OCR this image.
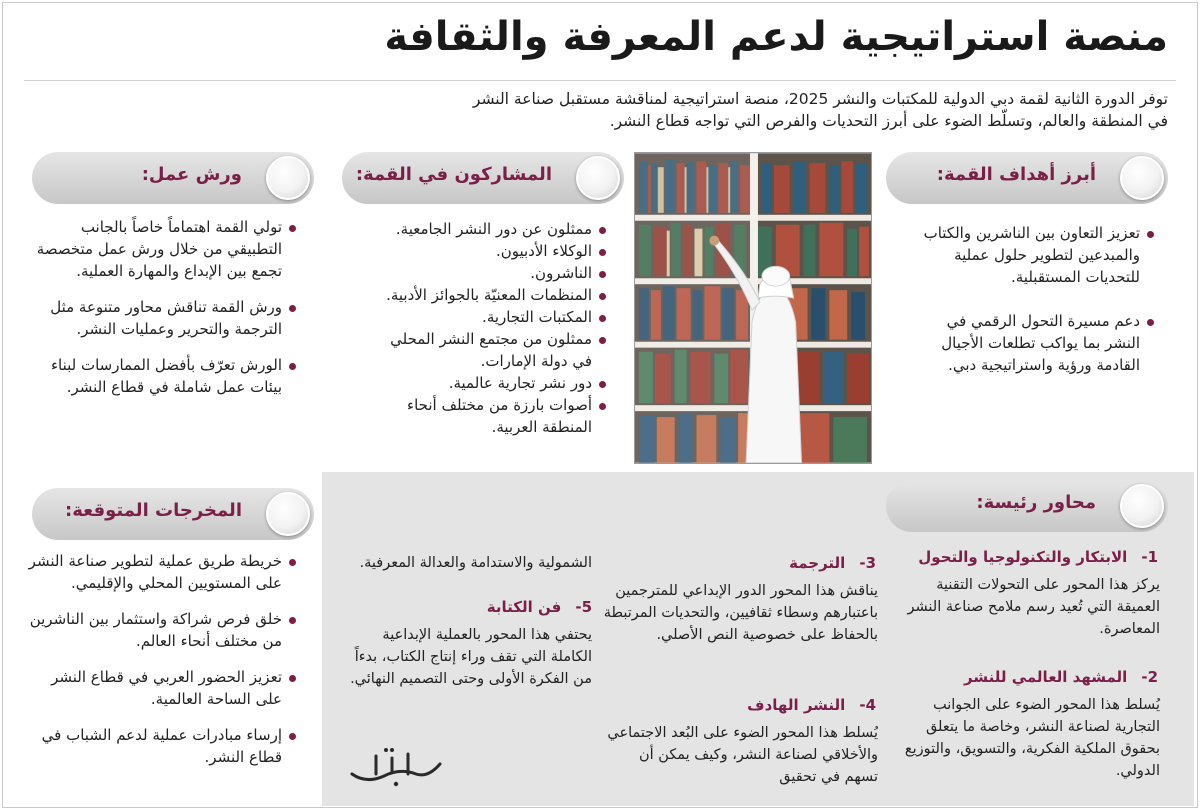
منصة استراتيجية لدعم المعرفة والثقافة

توفر الدورة الثانية لقمة دبي الدولية للمكتبات والنشر 2025، منصة استراتيجية لمناقشة مستقبل صناعة النشر في المنطقة والعالم، وتسلّط الضوء على أبرز التحديات والفرص التي تواجه قطاع النشر.

أبرز أهداف القمة:
تعزيز التعاون بين الناشرين والكتاب والمبدعين لتطوير حلول عملية للتحديات المستقبلية.
دعم مسيرة التحول الرقمي في النشر بما يواكب تطلعات الأجيال القادمة ورؤية واستراتيجية دبي.
المشاركون في القمة:
ممثلون عن دور النشر الجامعية.
الوكلاء الأدبيون.
الناشرون.
المنظمات المعنيّة بالجوائز الأدبية.
المكتبات التجارية.
ممثلون من مجتمع النشر المحلي في دولة الإمارات.
دور نشر تجارية عالمية.
أصوات بارزة من مختلف أنحاء المنطقة العربية.
ورش عمل:
تولي القمة اهتماماً خاصاً بالجانب التطبيقي من خلال ورش عمل متخصصة تجمع بين الإبداع والمهارة العملية.
ورش القمة تناقش محاور متنوعة مثل الترجمة والتحرير وعمليات النشر.
الورش تعرّف بأفضل الممارسات لبناء بيئات عمل شاملة في قطاع النشر.
محاور رئيسة:
1-الابتكار والتكنولوجيا والتحول
يركز هذا المحور على التحولات التقنية العميقة التي تُعيد رسم ملامح صناعة النشر المعاصرة.
2-المشهد العالمي للنشر
يُسلط هذا المحور الضوء على الجوانب التجارية لصناعة النشر، وخاصة ما يتعلق بحقوق الملكية الفكرية، والتسويق، والتوزيع الدولي.
3-الترجمة
يناقش هذا المحور الدور الإبداعي للمترجمين باعتبارهم وسطاء ثقافيين، والتحديات المرتبطة بالحفاظ على خصوصية النص الأصلي.
4-النشر الهادف
يُسلط هذا المحور الضوء على البُعد الاجتماعي والأخلاقي لصناعة النشر، وكيف يمكن أن تسهم في تحقيق
الشمولية والاستدامة والعدالة المعرفية.
5-فن الكتابة
يحتفي هذا المحور بالعملية الإبداعية الكاملة التي تقف وراء إنتاج الكتاب، بدءاً من الفكرة الأولى وحتى التصميم النهائي.
المخرجات المتوقعة:
خريطة طريق عملية لتطوير صناعة النشر على المستويين المحلي والإقليمي.
خلق فرص شراكة واستثمار بين الناشرين من مختلف أنحاء العالم.
تعزيز الحضور العربي في قطاع النشر على الساحة العالمية.
إرساء مبادرات عملية لدعم الشباب في قطاع النشر.
